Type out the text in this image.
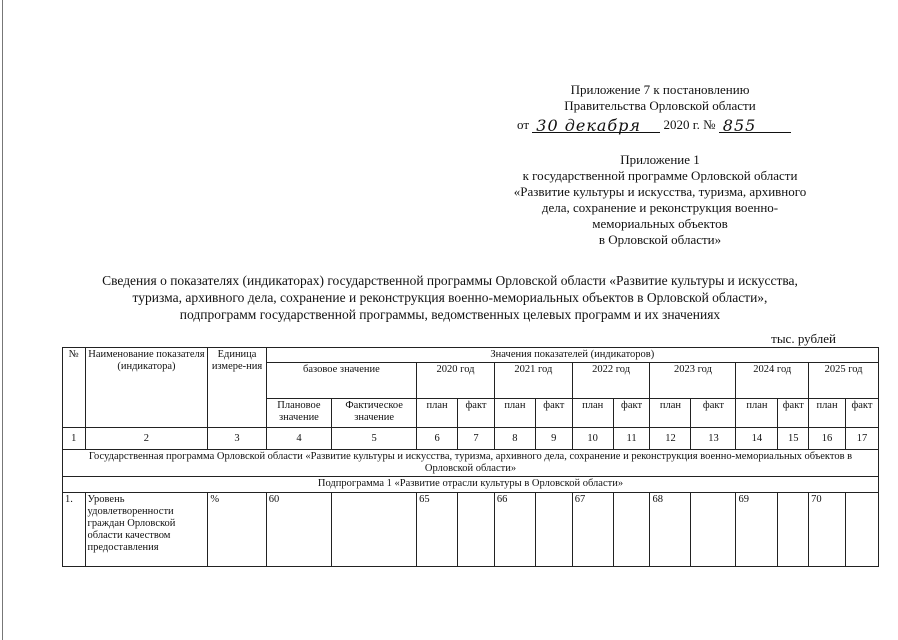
Приложение 7 к постановлению
Правительства Орловской области
от 30 декабря 2020 г. № 855
Приложение 1
к государственной программе Орловской области
«Развитие культуры и искусства, туризма, архивного
дела, сохранение и реконструкция военно-
мемориальных объектов
в Орловской области»
Сведения о показателях (индикаторах) государственной программы Орловской области «Развитие культуры и искусства,
туризма, архивного дела, сохранение и реконструкция военно-мемориальных объектов в Орловской области»,
подпрограмм государственной программы, ведомственных целевых программ и их значениях
тыс. рублей
№	Наименование показателя (индикатора)	Единица измере-ния	Значения показателей (индикаторов)													
			базовое значение		2020 год		2021 год		2022 год		2023 год		2024 год		2025 год	
			Плановое значение	Фактическое значение	план	факт	план	факт	план	факт	план	факт	план	факт	план	факт
1	2	3	4	5	6	7	8	9	10	11	12	13	14	15	16	17
Государственная программа Орловской области «Развитие культуры и искусства, туризма, архивного дела, сохранение и реконструкция военно-мемориальных объектов в Орловской области»																
Подпрограмма 1 «Развитие отрасли культуры в Орловской области»																
1.	Уровень удовлетворенности граждан Орловской области качеством предоставления	%	60		65		66		67		68		69		70	
